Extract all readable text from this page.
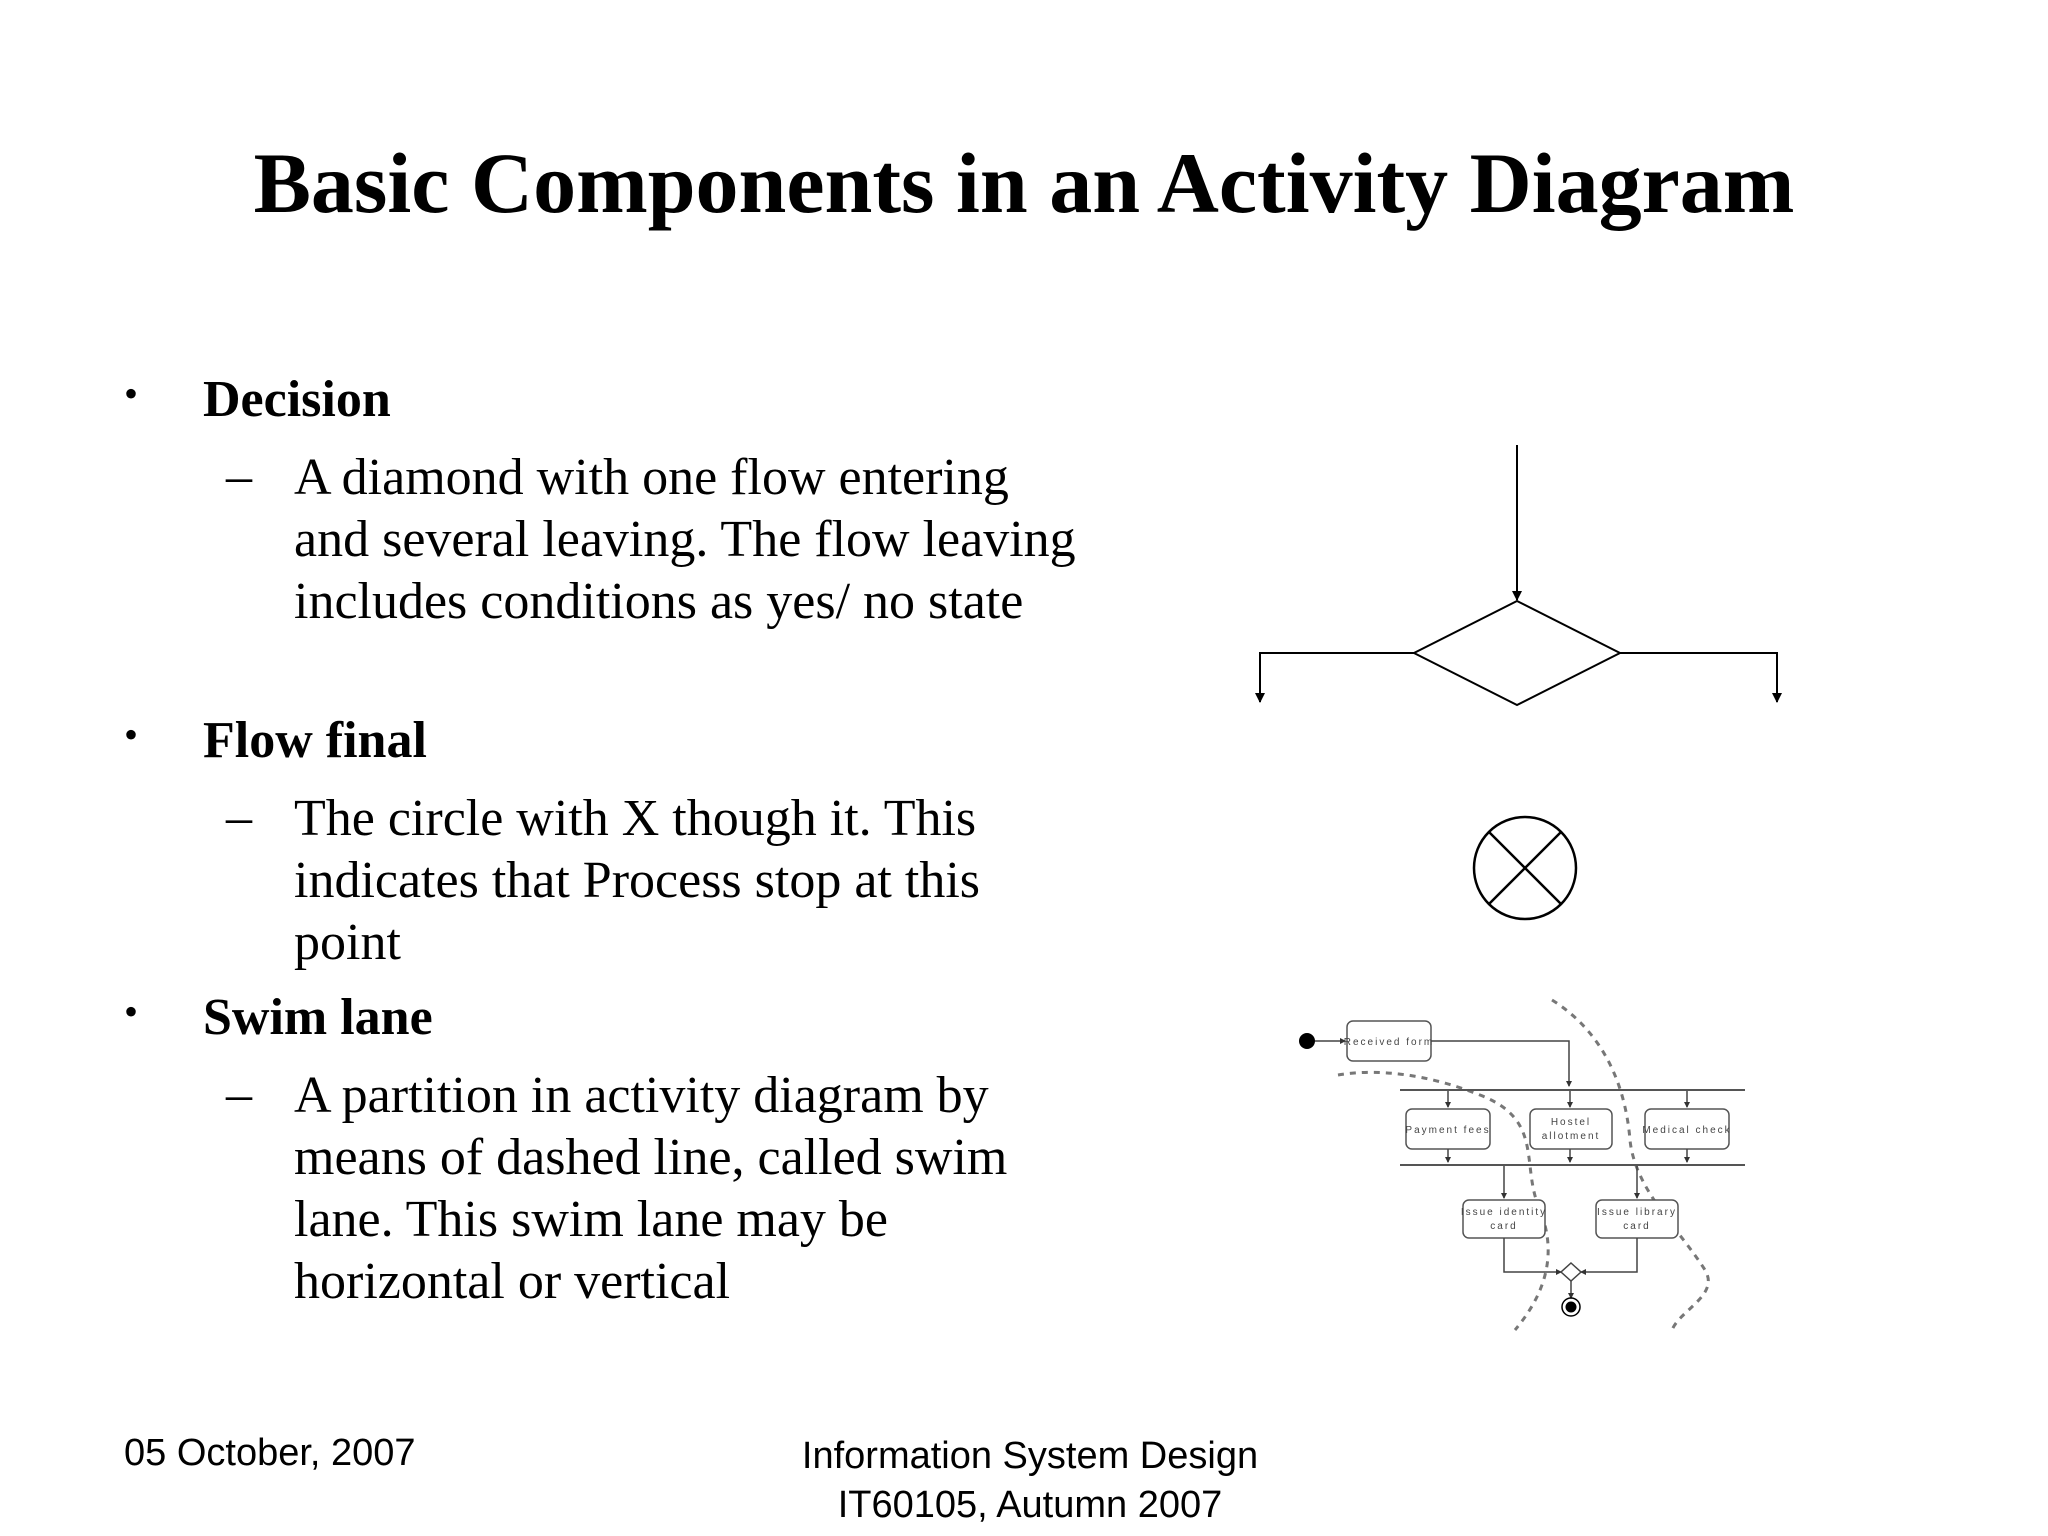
Basic Components in an Activity Diagram
• Decision
– A diamond with one flow entering and several leaving. The flow leaving includes conditions as yes/ no state
• Flow final
– The circle with X though it. This indicates that Process stop at this point
• Swim lane
– A partition in activity diagram by means of dashed line, called swim lane. This swim lane may be horizontal or vertical
Received form
Payment fees
Hostel
allotment
Medical check
Issue identity
card
Issue library
card
05 October, 2007	Information System Design
IT60105, Autumn 2007
